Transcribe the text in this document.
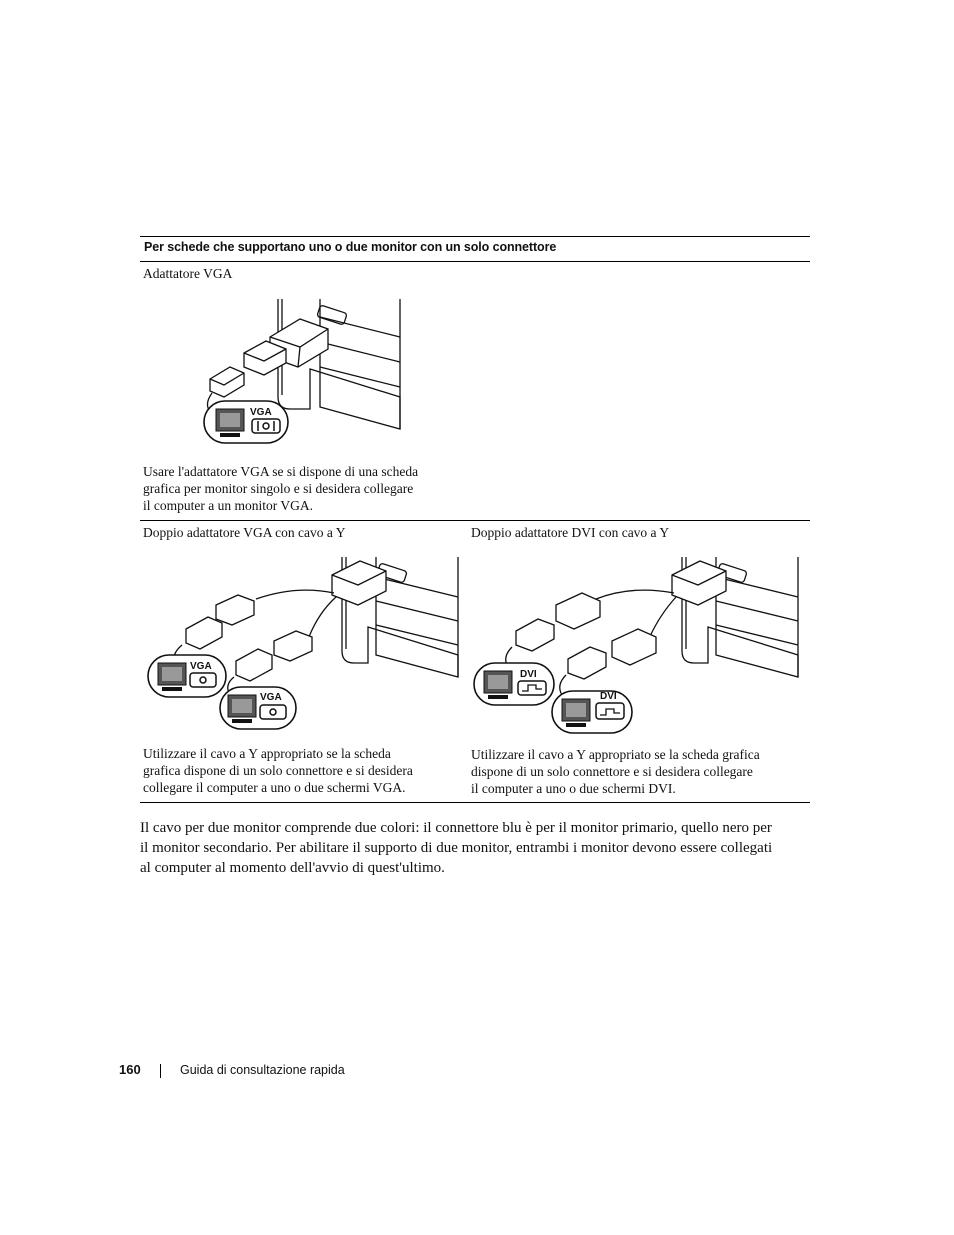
Per schede che supportano uno o due monitor con un solo connettore
Adattatore VGA
VGA
Usare l'adattatore VGA se si dispone di una scheda
grafica per monitor singolo e si desidera collegare
il computer a un monitor VGA.
Doppio adattatore VGA con cavo a Y
VGA
VGA
Utilizzare il cavo a Y appropriato se la scheda
grafica dispone di un solo connettore e si desidera
collegare il computer a uno o due schermi VGA.
Doppio adattatore DVI con cavo a Y
DVI
DVI
Utilizzare il cavo a Y appropriato se la scheda grafica
dispone di un solo connettore e si desidera collegare
il computer a uno o due schermi DVI.
Il cavo per due monitor comprende due colori: il connettore blu è per il monitor primario, quello nero per
il monitor secondario. Per abilitare il supporto di due monitor, entrambi i monitor devono essere collegati
al computer al momento dell'avvio di quest'ultimo.
160	Guida di consultazione rapida
